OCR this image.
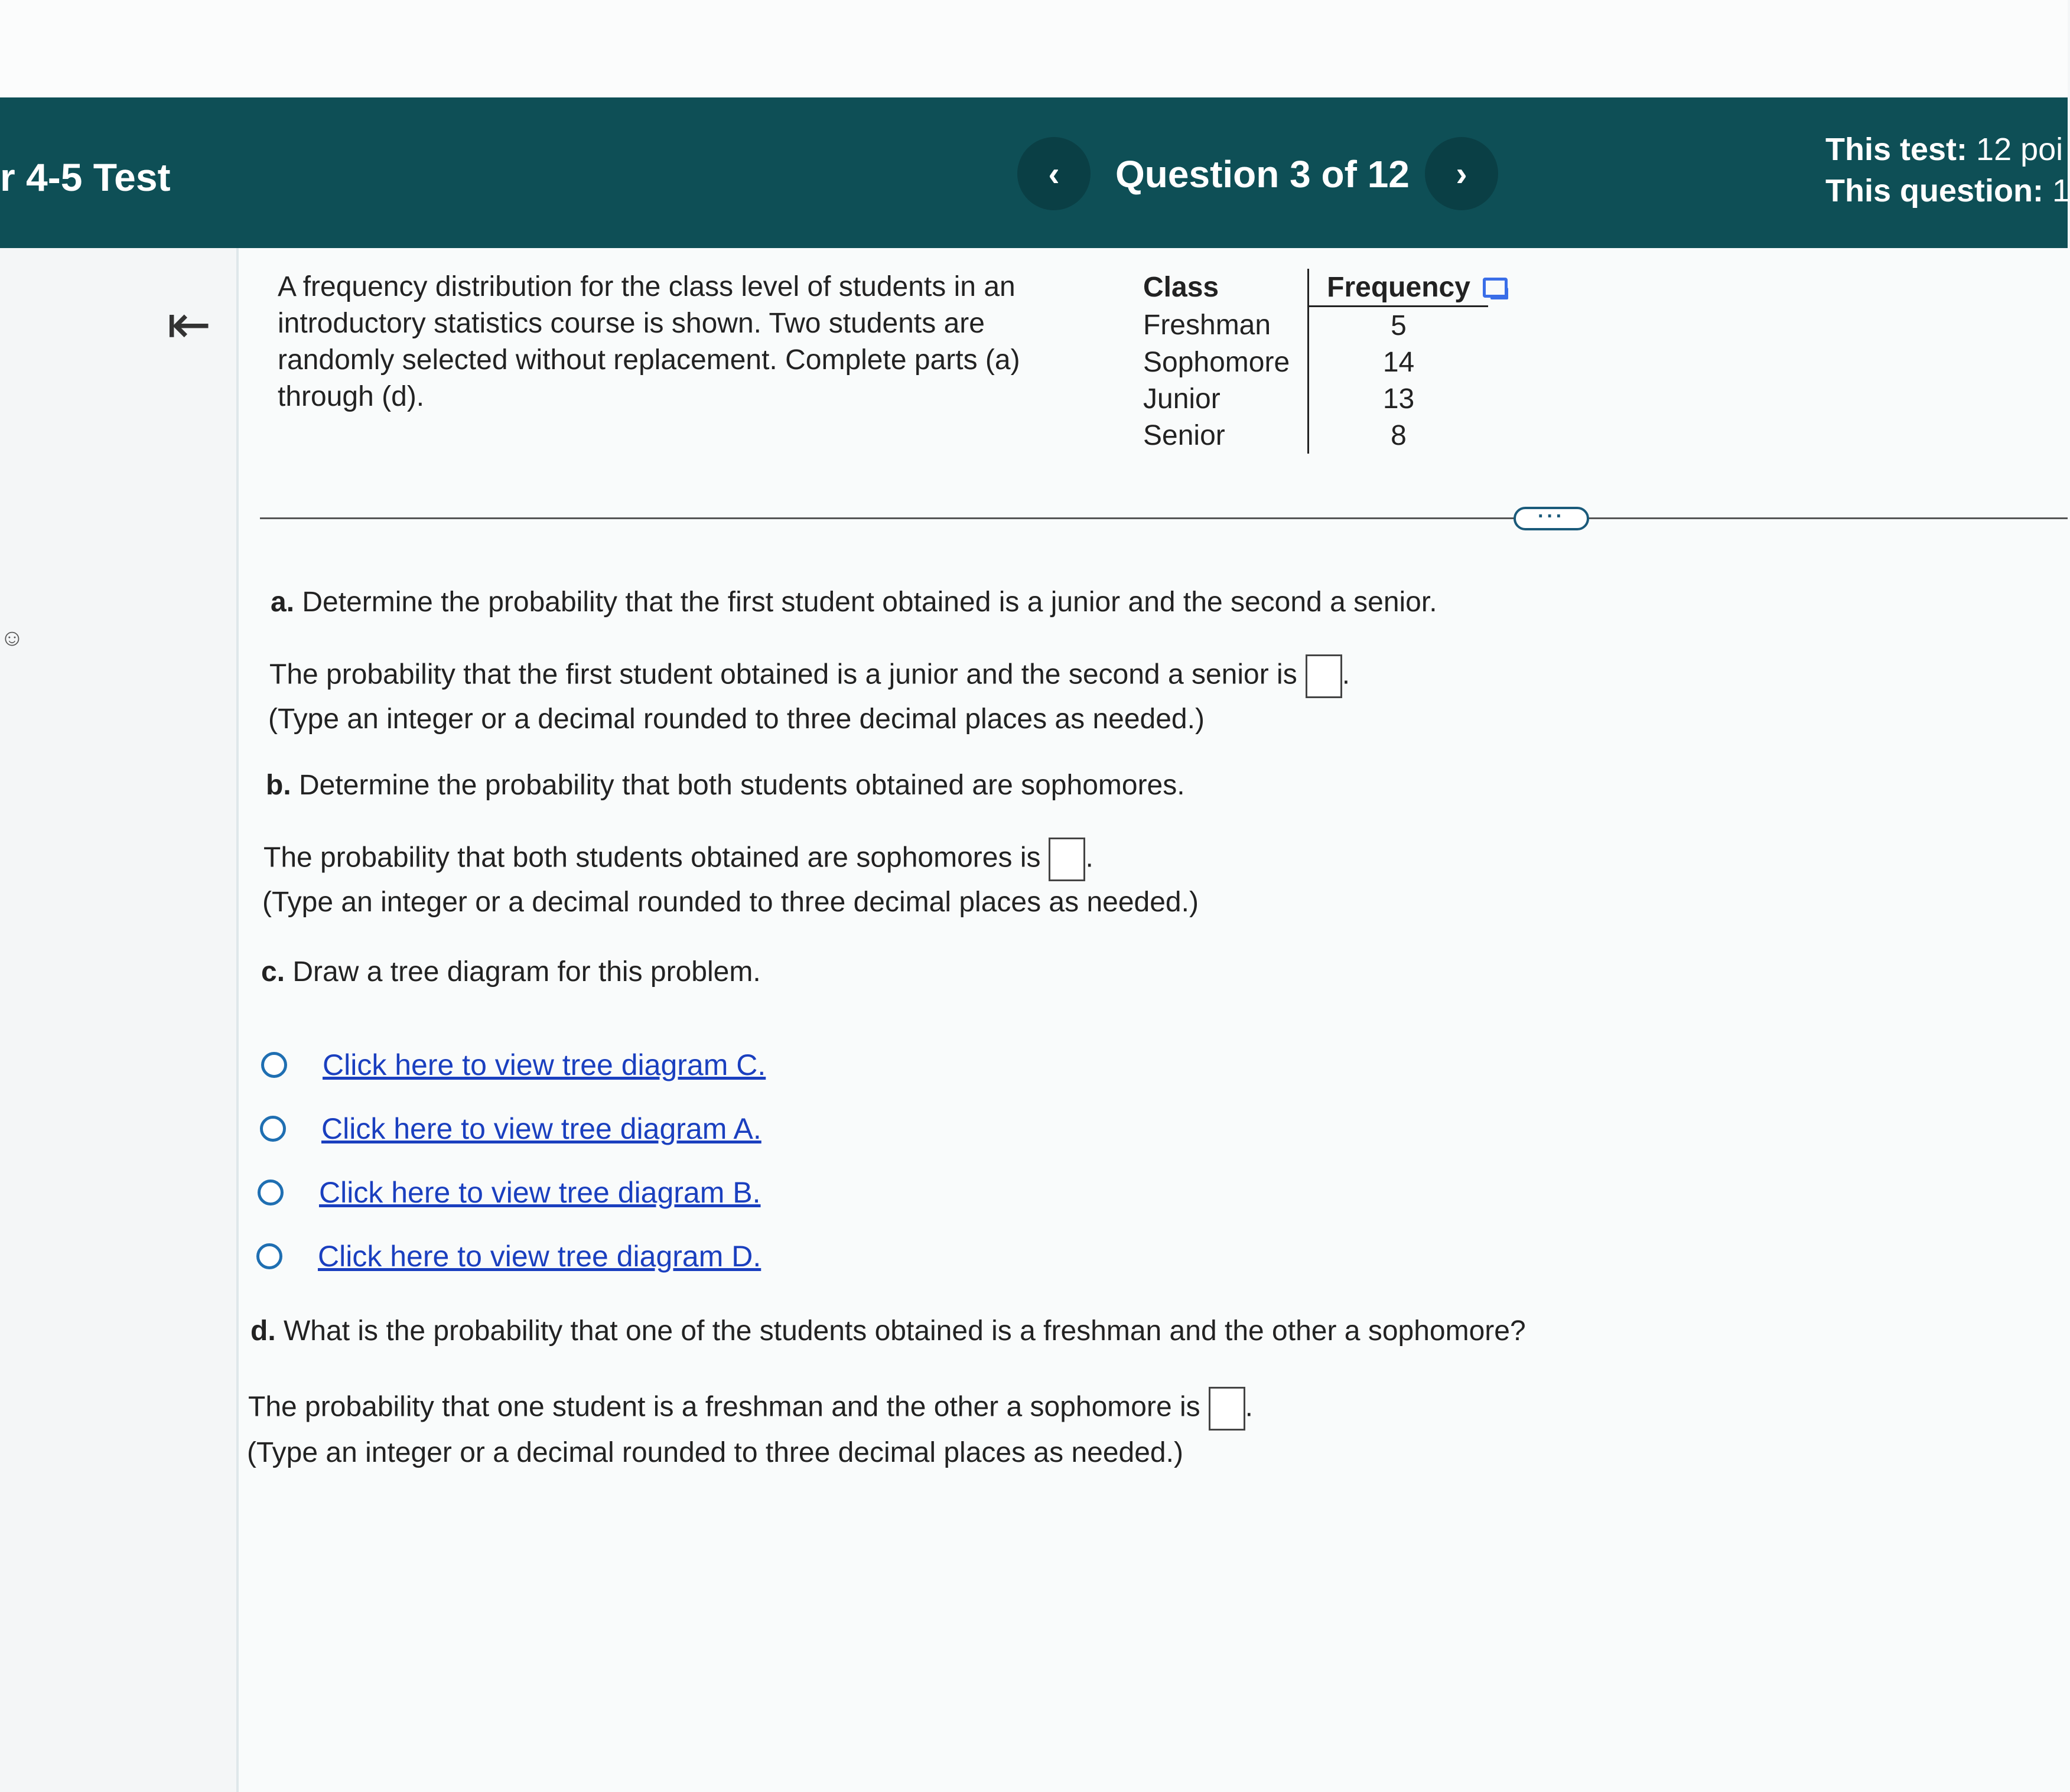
r 4-5 Test	‹	Question 3 of 12	›
This test: 12 poi
This question: 1
⇤
☺
A frequency distribution for the class level of students in an introductory statistics course is shown. Two students are randomly selected without replacement. Complete parts (a) through (d).
Class	Frequency
Freshman	5
Sophomore	14
Junior	13
Senior	8
···
a. Determine the probability that the first student obtained is a junior and the second a senior.
The probability that the first student obtained is a junior and the second a senior is .
(Type an integer or a decimal rounded to three decimal places as needed.)
b. Determine the probability that both students obtained are sophomores.
The probability that both students obtained are sophomores is .
(Type an integer or a decimal rounded to three decimal places as needed.)
c. Draw a tree diagram for this problem.
Click here to view tree diagram C.
Click here to view tree diagram A.
Click here to view tree diagram B.
Click here to view tree diagram D.
d. What is the probability that one of the students obtained is a freshman and the other a sophomore?
The probability that one student is a freshman and the other a sophomore is .
(Type an integer or a decimal rounded to three decimal places as needed.)
